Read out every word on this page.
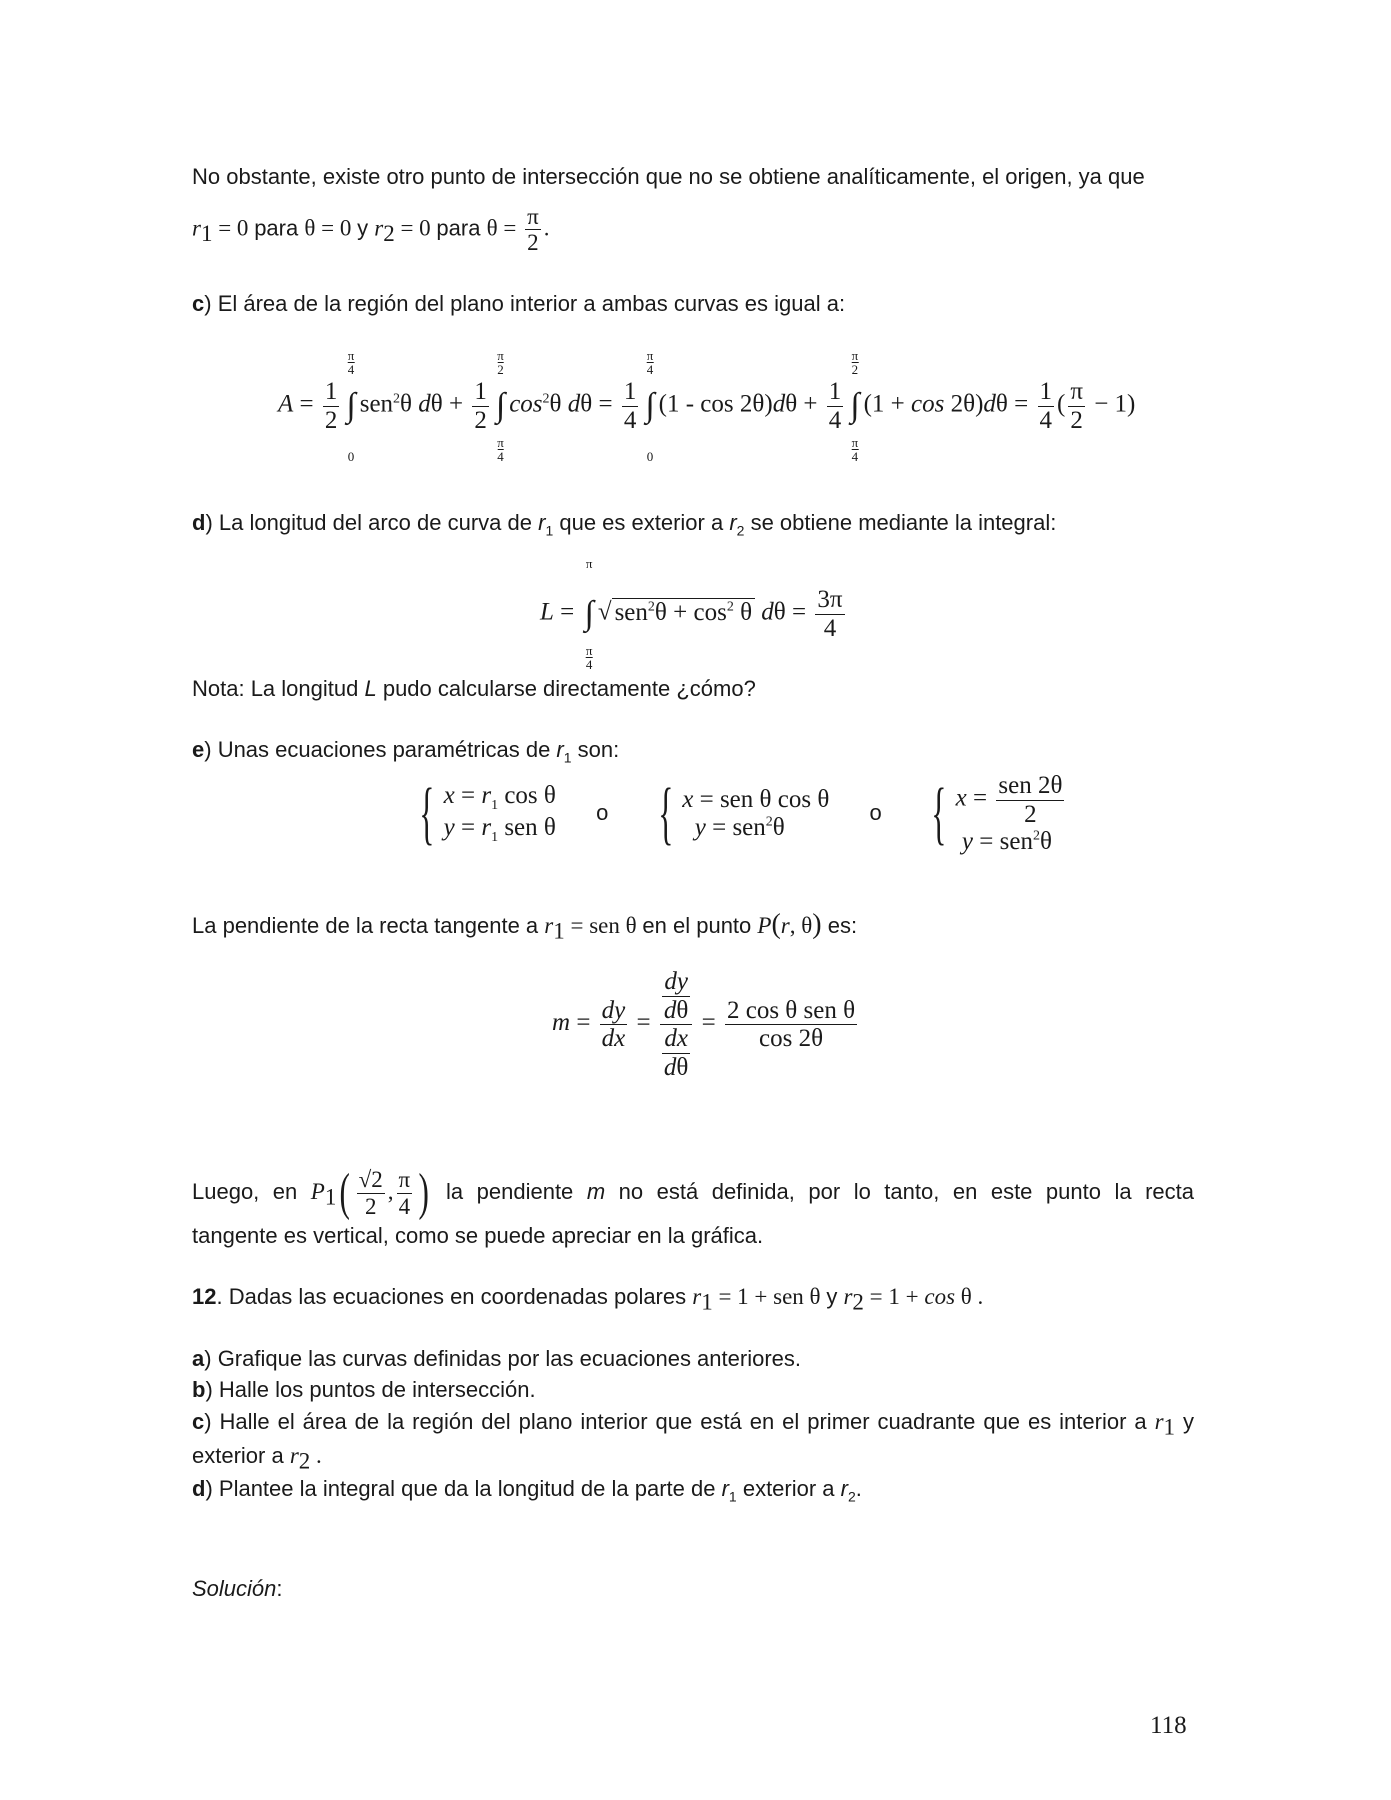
No obstante, existe otro punto de intersección que no se obtiene analíticamente, el origen, ya que
$r_1 = 0$ para θ = 0 y $r_2 = 0$ para $\theta = \frac{\pi}{2}$ .
c) El área de la región del plano interior a ambas curvas es igual a:
$A = \frac{1}{2}$ ∫
$\frac{\pi}{4}$
0
sen$^2$θ $d\theta + \frac{1}{2}$ ∫
$\frac{\pi}{2}$
$\frac{\pi}{4}$
$\cos^2\theta$ $d\theta = \frac{1}{4}$ ∫
$\frac{\pi}{4}$
0
$(1 - \cos 2\theta)d\theta + \frac{1}{4}$ ∫
$\frac{\pi}{2}$
$\frac{\pi}{4}$
$(1 + \cos 2\theta)d\theta = \frac{1}{4}$ ( $\frac{\pi}{2} - 1$)
d) La longitud del arco de curva de $r_1$ que es exterior a $r_2$ se obtiene mediante la integral:
L = ∫
π
$\frac{\pi}{4}$
√ $sen^2\theta + \cos^2 \theta$ $d\theta = \frac{3\pi}{4}$
Nota: La longitud L pudo calcularse directamente ¿cómo?
e) Unas ecuaciones paramétricas de $r_1$ son:
{ $x = r_1$ cos θ
$y = r_1$ sen θ
o { x = sen θ cos θ
y = sen$^2$θ
o { $x = \frac{\text{sen 2θ}}{2}$
y = sen$^2$θ
La pendiente de la recta tangente a $r_1$ = sen θ en el punto P(r, θ) es:
$m = \frac{dy}{dx} = \frac{\frac{dy}{d\theta}}{\frac{dx}{d\theta}} = \frac{\text{2 cos θ sen θ}}{\cos 2\theta}$
Luego, en $P_1( \frac{√2}{2}$ , $\frac{\pi}{4}$ ) la pendiente m no está definida, por lo tanto, en este punto la recta
tangente es vertical, como se puede apreciar en la gráfica.
12. Dadas las ecuaciones en coordenadas polares $r_1 = 1$ + sen θ y $r_2 = 1 + \cos \theta$ .
a) Grafique las curvas definidas por las ecuaciones anteriores.
b) Halle los puntos de intersección.
c) Halle el área de la región del plano interior que está en el primer cuadrante que es interior a $r_1$ y
exterior a $r_2$ .
d) Plantee la integral que da la longitud de la parte de $r_1$ exterior a $r_2$.
Solución:
118
